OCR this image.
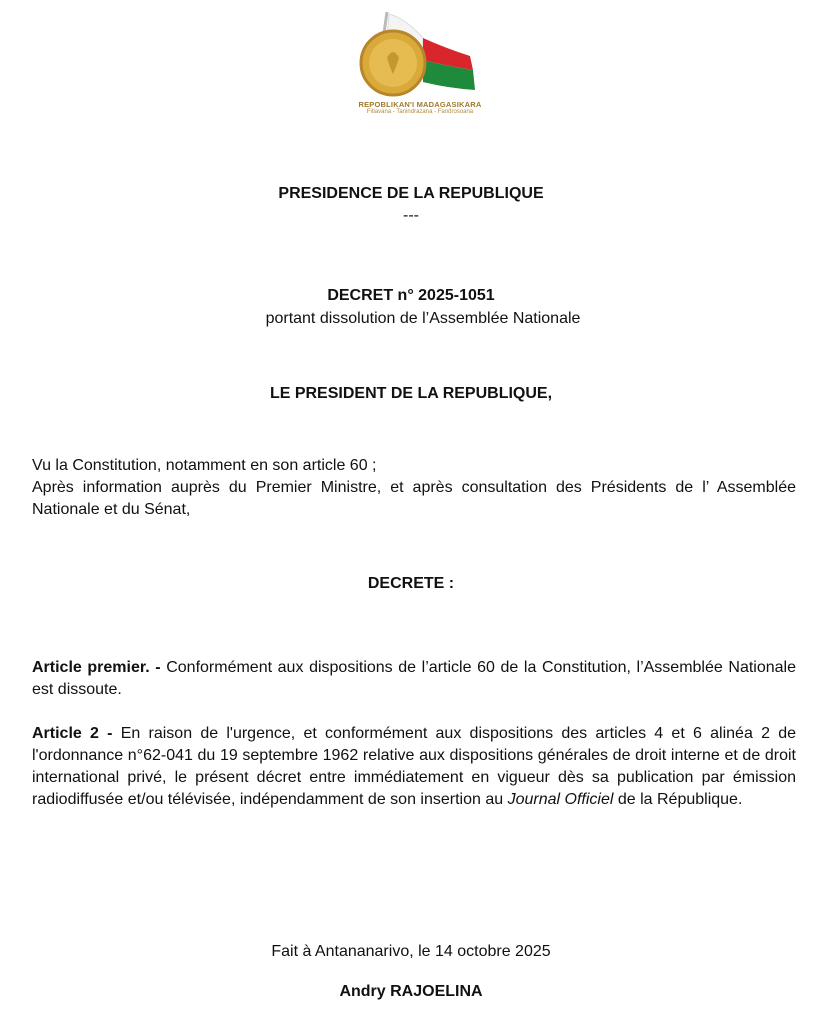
REPOBLIKAN'I MADAGASIKARA
Fitiavana - Tanindrazana - Fandrosoana
PRESIDENCE DE LA REPUBLIQUE
---
DECRET n° 2025-1051
portant dissolution de l’Assemblée Nationale
LE PRESIDENT DE LA REPUBLIQUE,
Vu la Constitution, notamment en son article 60 ;
Après information auprès du Premier Ministre, et après consultation des Présidents de l’ Assemblée Nationale et du Sénat,
DECRETE :
Article premier. - Conformément aux dispositions de l’article 60 de la Constitution, l’Assemblée Nationale est dissoute.
Article 2 - En raison de l'urgence, et conformément aux dispositions des articles 4 et 6 alinéa 2 de l'ordonnance n°62-041 du 19 septembre 1962 relative aux dispositions générales de droit interne et de droit international privé, le présent décret entre immédiatement en vigueur dès sa publication par émission radiodiffusée et/ou télévisée, indépendamment de son insertion au Journal Officiel de la République.
Fait à Antananarivo, le 14 octobre 2025
Andry RAJOELINA
